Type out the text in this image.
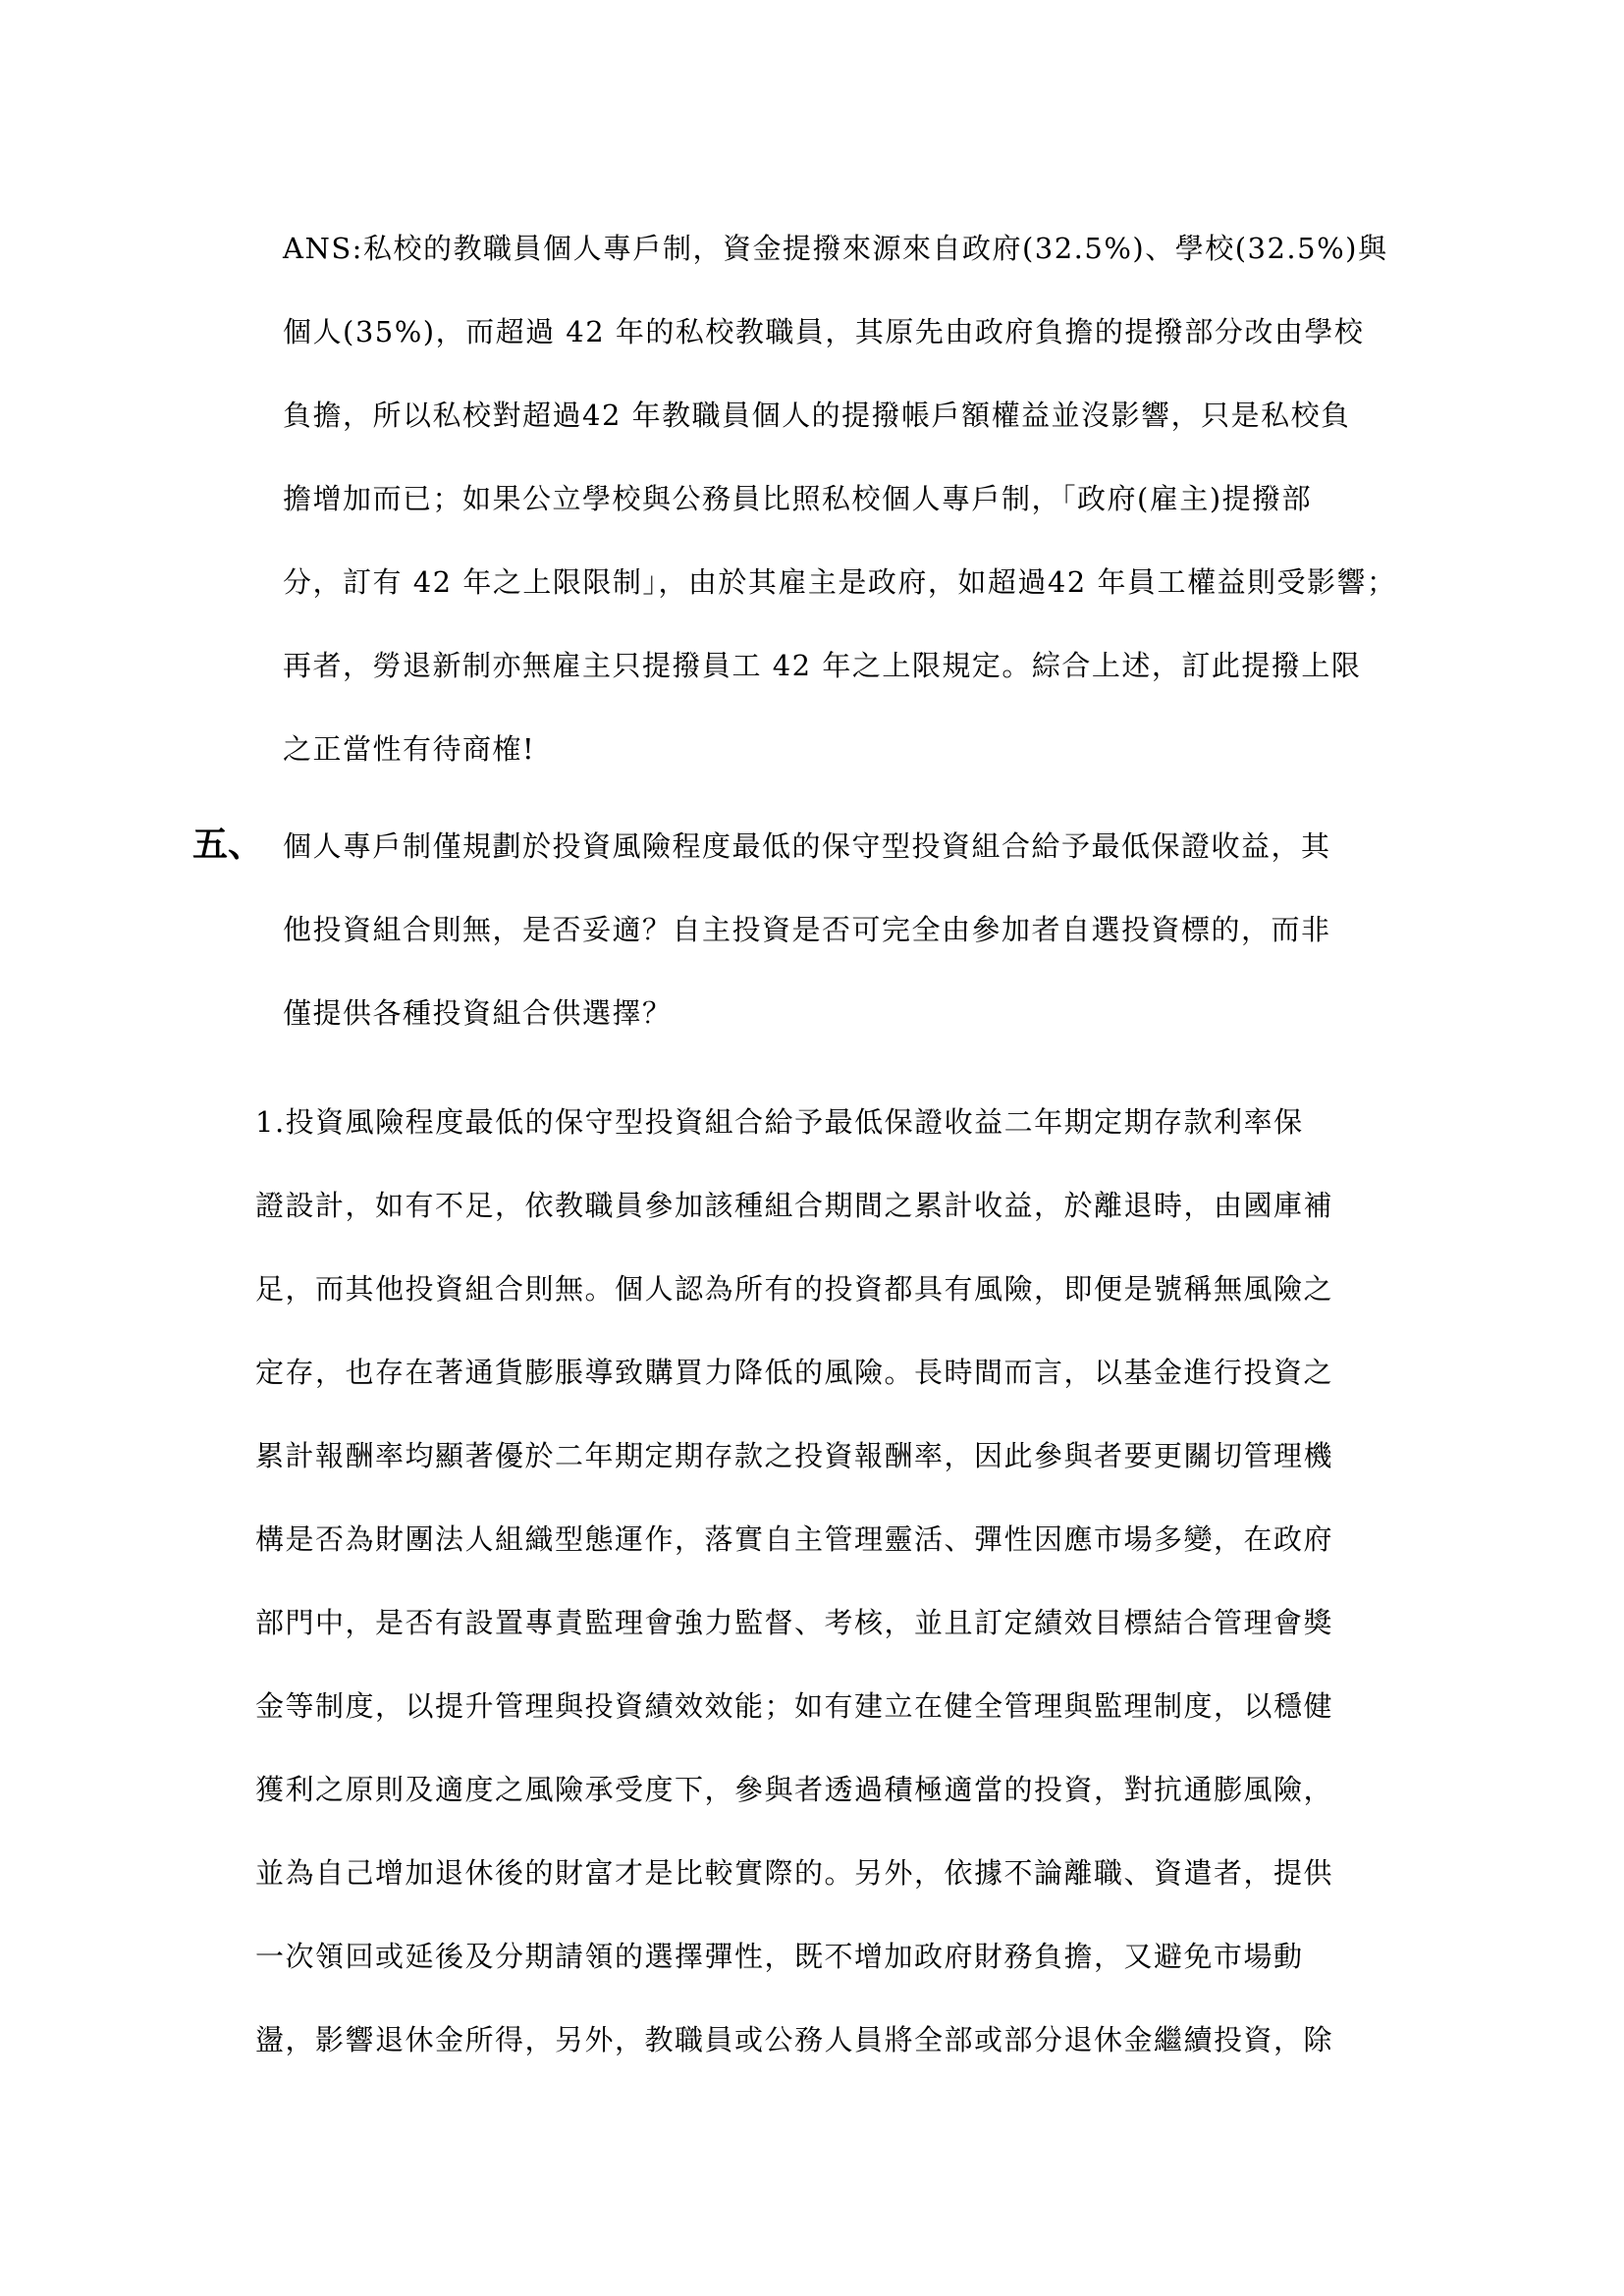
ANS:私校的教職員個人專戶制，資金提撥來源來自政府(32.5%)、學校(32.5%)與
個人(35%)，而超過 42 年的私校教職員，其原先由政府負擔的提撥部分改由學校
負擔，所以私校對超過42 年教職員個人的提撥帳戶額權益並沒影響，只是私校負
擔增加而已；如果公立學校與公務員比照私校個人專戶制，「政府(雇主)提撥部
分，訂有 42 年之上限限制」，由於其雇主是政府，如超過42 年員工權益則受影響；
再者，勞退新制亦無雇主只提撥員工 42 年之上限規定。綜合上述，訂此提撥上限
之正當性有待商榷!
五、 個人專戶制僅規劃於投資風險程度最低的保守型投資組合給予最低保證收益，其
他投資組合則無，是否妥適？自主投資是否可完全由參加者自選投資標的，而非
僅提供各種投資組合供選擇？
1.投資風險程度最低的保守型投資組合給予最低保證收益二年期定期存款利率保
證設計，如有不足，依教職員參加該種組合期間之累計收益，於離退時，由國庫補
足，而其他投資組合則無。個人認為所有的投資都具有風險，即便是號稱無風險之
定存，也存在著通貨膨脹導致購買力降低的風險。長時間而言，以基金進行投資之
累計報酬率均顯著優於二年期定期存款之投資報酬率，因此參與者要更關切管理機
構是否為財團法人組織型態運作，落實自主管理靈活、彈性因應市場多變，在政府
部門中，是否有設置專責監理會強力監督、考核，並且訂定績效目標結合管理會獎
金等制度，以提升管理與投資績效效能；如有建立在健全管理與監理制度，以穩健
獲利之原則及適度之風險承受度下，參與者透過積極適當的投資，對抗通膨風險，
並為自己增加退休後的財富才是比較實際的。另外，依據不論離職、資遣者，提供
一次領回或延後及分期請領的選擇彈性，既不增加政府財務負擔，又避免市場動
盪，影響退休金所得，另外，教職員或公務人員將全部或部分退休金繼續投資，除
